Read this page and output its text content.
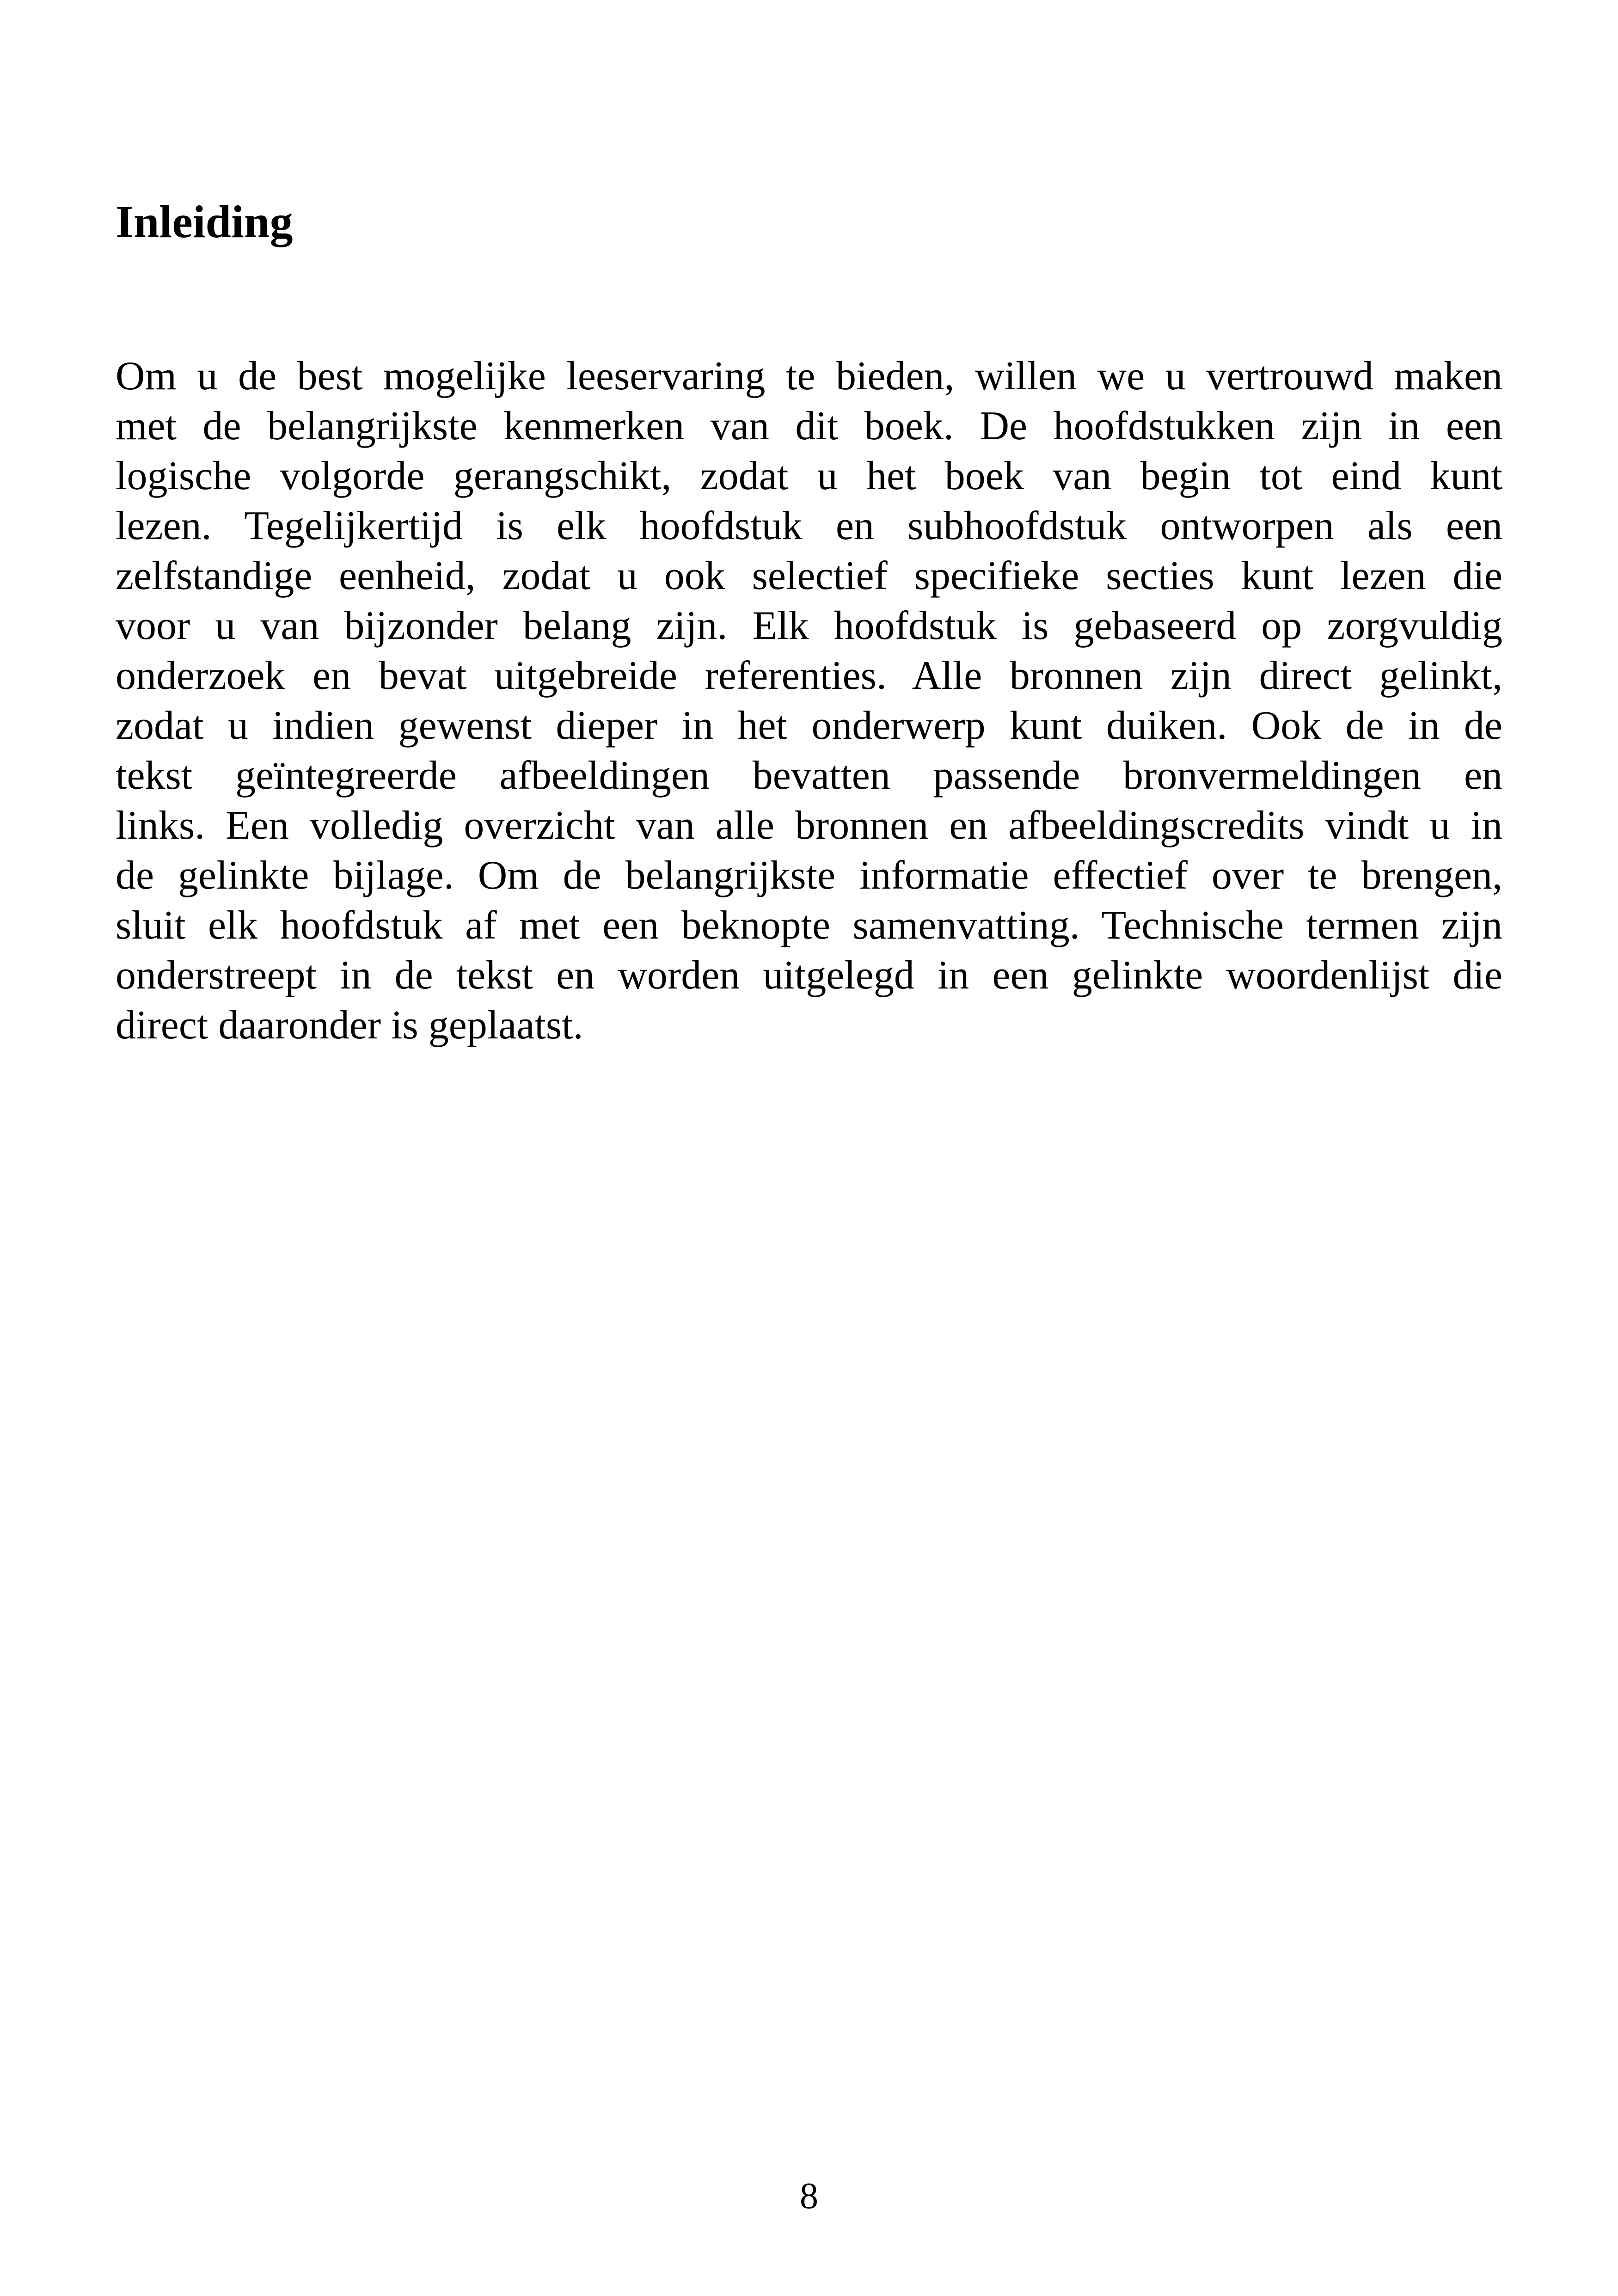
Inleiding
Om u de best mogelijke leeservaring te bieden, willen we u vertrouwd maken
met de belangrijkste kenmerken van dit boek. De hoofdstukken zijn in een
logische volgorde gerangschikt, zodat u het boek van begin tot eind kunt
lezen. Tegelijkertijd is elk hoofdstuk en subhoofdstuk ontworpen als een
zelfstandige eenheid, zodat u ook selectief specifieke secties kunt lezen die
voor u van bijzonder belang zijn. Elk hoofdstuk is gebaseerd op zorgvuldig
onderzoek en bevat uitgebreide referenties. Alle bronnen zijn direct gelinkt,
zodat u indien gewenst dieper in het onderwerp kunt duiken. Ook de in de
tekst geïntegreerde afbeeldingen bevatten passende bronvermeldingen en
links. Een volledig overzicht van alle bronnen en afbeeldingscredits vindt u in
de gelinkte bijlage. Om de belangrijkste informatie effectief over te brengen,
sluit elk hoofdstuk af met een beknopte samenvatting. Technische termen zijn
onderstreept in de tekst en worden uitgelegd in een gelinkte woordenlijst die
direct daaronder is geplaatst.
8
